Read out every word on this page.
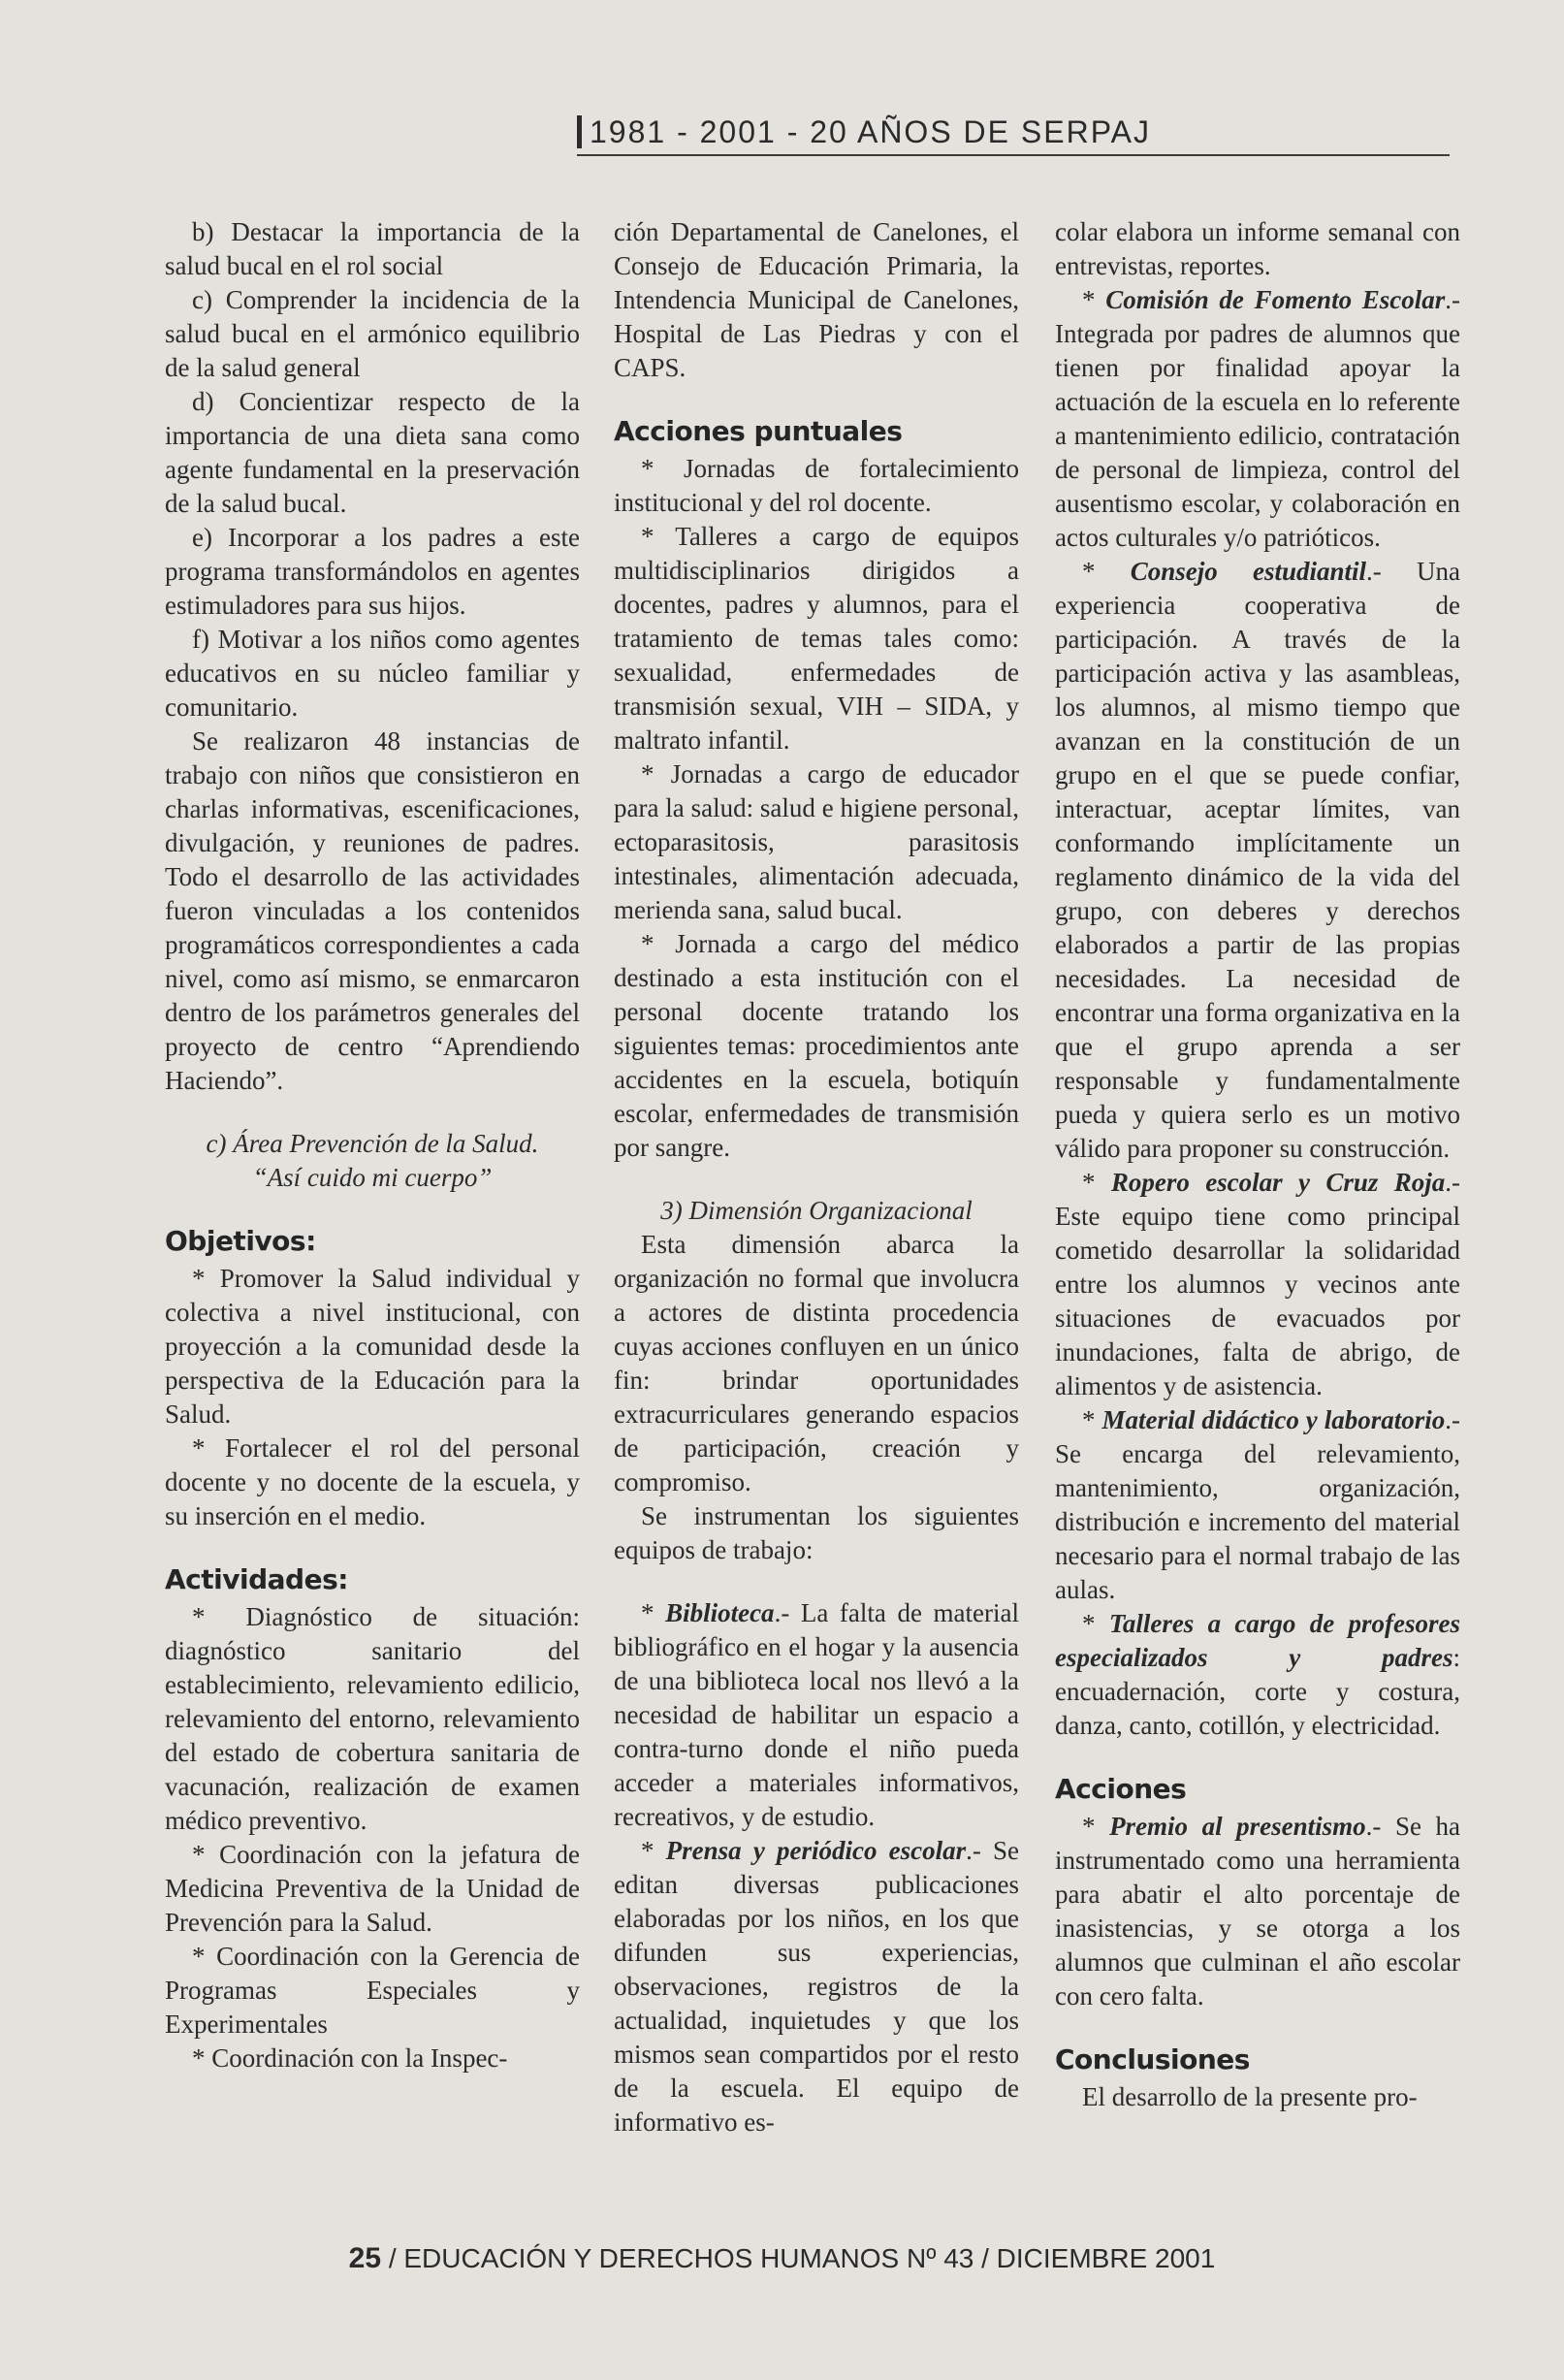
1981 - 2001 - 20 AÑOS DE SERPAJ

b) Destacar la importancia de la salud bucal en el rol social

c) Comprender la incidencia de la salud bucal en el armónico equilibrio de la salud general

d) Concientizar respecto de la importancia de una dieta sana como agente fundamental en la preservación de la salud bucal.

e) Incorporar a los padres a este programa transformándolos en agentes estimuladores para sus hijos.

f) Motivar a los niños como agentes educativos en su núcleo familiar y comunitario.

Se realizaron 48 instancias de trabajo con niños que consistieron en charlas informativas, escenificaciones, divulgación, y reuniones de padres. Todo el desarrollo de las actividades fueron vinculadas a los contenidos programáticos correspondientes a cada nivel, como así mismo, se enmarcaron dentro de los parámetros generales del proyecto de centro “Aprendiendo Haciendo”.

c) Área Prevención de la Salud.
“Así cuido mi cuerpo”
Objetivos:

* Promover la Salud individual y colectiva a nivel institucional, con proyección a la comunidad desde la perspectiva de la Educación para la Salud.

* Fortalecer el rol del personal docente y no docente de la escuela, y su inserción en el medio.

Actividades:

* Diagnóstico de situación: diagnóstico sanitario del establecimiento, relevamiento edilicio, relevamiento del entorno, relevamiento del estado de cobertura sanitaria de vacunación, realización de examen médico preventivo.

* Coordinación con la jefatura de Medicina Preventiva de la Unidad de Prevención para la Salud.

* Coordinación con la Gerencia de Programas Especiales y Experimentales

* Coordinación con la Inspec-

ción Departamental de Canelones, el Consejo de Educación Primaria, la Intendencia Municipal de Canelones, Hospital de Las Piedras y con el CAPS.

Acciones puntuales

* Jornadas de fortalecimiento institucional y del rol docente.

* Talleres a cargo de equipos multidisciplinarios dirigidos a docentes, padres y alumnos, para el tratamiento de temas tales como: sexualidad, enfermedades de transmisión sexual, VIH – SIDA, y maltrato infantil.

* Jornadas a cargo de educador para la salud: salud e higiene personal, ectoparasitosis, parasitosis intestinales, alimentación adecuada, merienda sana, salud bucal.

* Jornada a cargo del médico destinado a esta institución con el personal docente tratando los siguientes temas: procedimientos ante accidentes en la escuela, botiquín escolar, enfermedades de transmisión por sangre.

3) Dimensión Organizacional

Esta dimensión abarca la organización no formal que involucra a actores de distinta procedencia cuyas acciones confluyen en un único fin: brindar oportunidades extracurriculares generando espacios de participación, creación y compromiso.

Se instrumentan los siguientes equipos de trabajo:

* Biblioteca.- La falta de material bibliográfico en el hogar y la ausencia de una biblioteca local nos llevó a la necesidad de habilitar un espacio a contra-turno donde el niño pueda acceder a materiales informativos, recreativos, y de estudio.

* Prensa y periódico escolar.- Se editan diversas publicaciones elaboradas por los niños, en los que difunden sus experiencias, observaciones, registros de la actualidad, inquietudes y que los mismos sean compartidos por el resto de la escuela. El equipo de informativo es-

colar elabora un informe semanal con entrevistas, reportes.

* Comisión de Fomento Escolar.- Integrada por padres de alumnos que tienen por finalidad apoyar la actuación de la escuela en lo referente a mantenimiento edilicio, contratación de personal de limpieza, control del ausentismo escolar, y colaboración en actos culturales y/o patrióticos.

* Consejo estudiantil.- Una experiencia cooperativa de participación. A través de la participación activa y las asambleas, los alumnos, al mismo tiempo que avanzan en la constitución de un grupo en el que se puede confiar, interactuar, aceptar límites, van conformando implícitamente un reglamento dinámico de la vida del grupo, con deberes y derechos elaborados a partir de las propias necesidades. La necesidad de encontrar una forma organizativa en la que el grupo aprenda a ser responsable y fundamentalmente pueda y quiera serlo es un motivo válido para proponer su construcción.

* Ropero escolar y Cruz Roja.- Este equipo tiene como principal cometido desarrollar la solidaridad entre los alumnos y vecinos ante situaciones de evacuados por inundaciones, falta de abrigo, de alimentos y de asistencia.

* Material didáctico y laboratorio.- Se encarga del relevamiento, mantenimiento, organización, distribución e incremento del material necesario para el normal trabajo de las aulas.

* Talleres a cargo de profesores especializados y padres: encuadernación, corte y costura, danza, canto, cotillón, y electricidad.

Acciones

* Premio al presentismo.- Se ha instrumentado como una herramienta para abatir el alto porcentaje de inasistencias, y se otorga a los alumnos que culminan el año escolar con cero falta.

Conclusiones

El desarrollo de la presente pro-

25 / EDUCACIÓN Y DERECHOS HUMANOS Nº 43 / DICIEMBRE 2001
